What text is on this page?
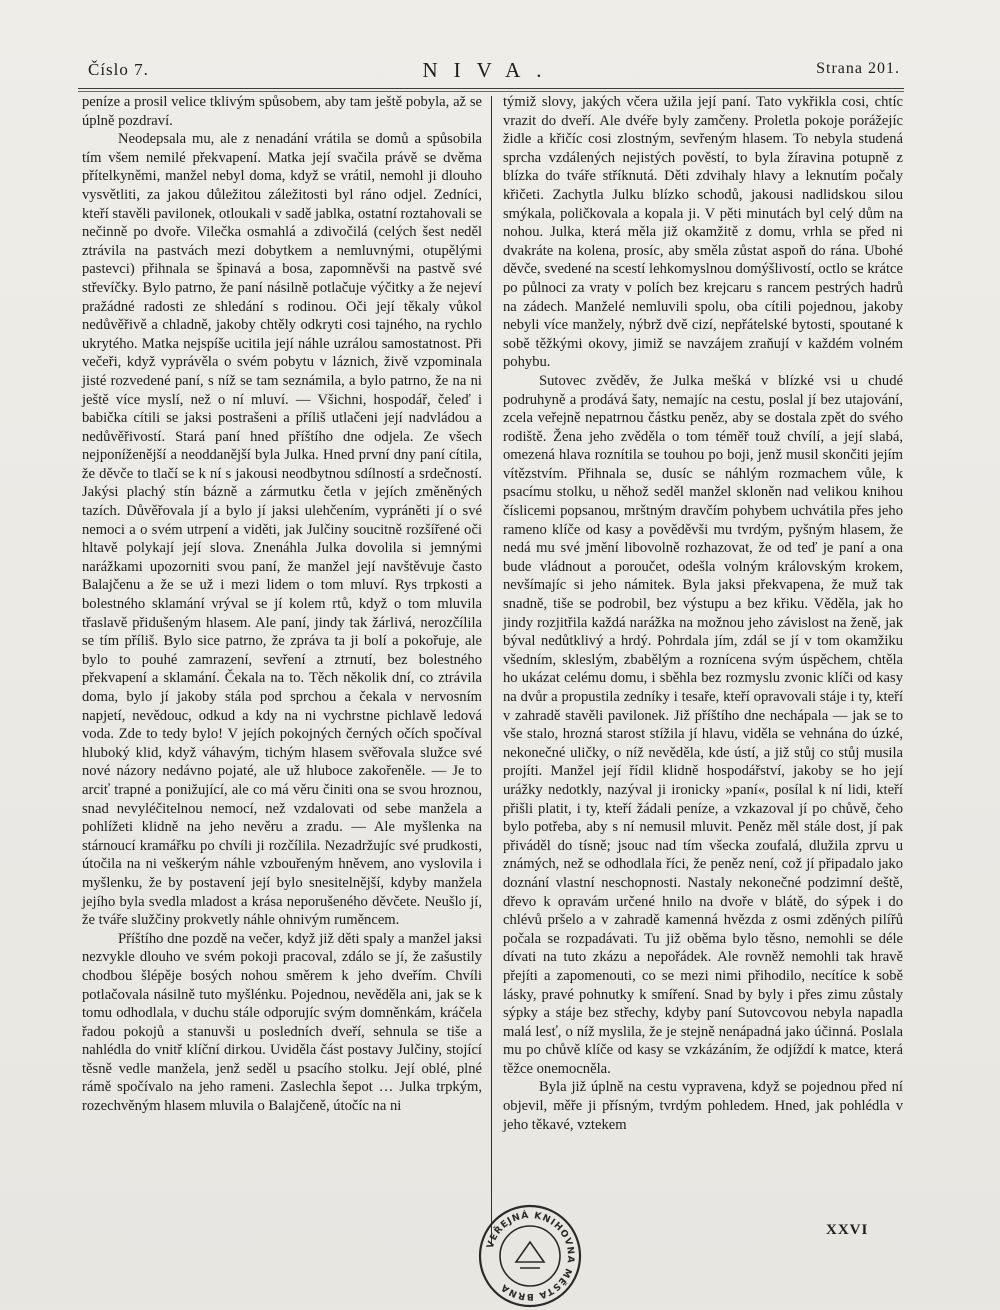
Číslo 7.	NIVA.	Strana 201.

peníze a prosil velice tklivým spůsobem, aby tam ještě pobyla, až se úplně pozdraví.

Neodepsala mu, ale z nenadání vrátila se domů a spůsobila tím všem nemilé překvapení. Matka její svačila právě se dvěma přítelkyněmi, manžel nebyl doma, když se vrátil, nemohl ji dlouho vysvětliti, za jakou důležitou záležitosti byl ráno odjel. Zedníci, kteří stavěli pavilonek, otloukali v sadě jablka, ostatní roztahovali se nečinně po dvoře. Vilečka osmahlá a zdivočilá (celých šest neděl ztrávila na pastvách mezi dobytkem a nemluvnými, otupělými pastevci) přihnala se špinavá a bosa, zapomněvši na pastvě své střevíčky. Bylo patrno, že paní násilně potlačuje výčitky a že nejeví pražádné radosti ze shledání s rodinou. Oči její těkaly vůkol nedůvěřivě a chladně, jakoby chtěly odkryti cosi tajného, na rychlo ukrytého. Matka nejspíše ucitila její náhle uzrálou samostatnost. Při večeři, když vyprávěla o svém pobytu v láznich, živě vzpominala jisté rozvedené paní, s níž se tam seznámila, a bylo patrno, že na ni ještě více myslí, než o ní mluví. — Všichni, hospodář, čeleď i babička cítili se jaksi postrašeni a příliš utlačeni její nadvládou a nedůvěřivostí. Stará paní hned příštího dne odjela. Ze všech nejponíženější a neoddanější byla Julka. Hned první dny paní cítila, že děvče to tlačí se k ní s jakousi neodbytnou sdílností a srdečností. Jakýsi plachý stín bázně a zármutku četla v jejích změněných tazích. Důvěřovala jí a bylo jí jaksi ulehčením, vypráněti jí o své nemoci a o svém utrpení a viděti, jak Julčiny soucitně rozšířené oči hltavě polykají její slova. Znenáhla Julka dovolila si jemnými narážkami upozorniti svou paní, že manžel její navštěvuje často Balajčenu a že se už i mezi lidem o tom mluví. Rys trpkosti a bolestného sklamání vrýval se jí kolem rtů, když o tom mluvila třaslavě přidušeným hlasem. Ale paní, jindy tak žárlivá, nerozčílila se tím příliš. Bylo sice patrno, že zpráva ta ji bolí a pokořuje, ale bylo to pouhé zamrazení, sevření a ztrnutí, bez bolestného překvapení a sklamání. Čekala na to. Těch několik dní, co ztrávila doma, bylo jí jakoby stála pod sprchou a čekala v nervosním napjetí, nevědouc, odkud a kdy na ni vychrstne pichlavě ledová voda. Zde to tedy bylo! V jejích pokojných černých očích spočíval hluboký klid, když váhavým, tichým hlasem svěřovala služce své nové názory nedávno pojaté, ale už hluboce zakořeněle. — Je to arciť trapné a ponižující, ale co má věru činiti ona se svou hroznou, snad nevyléčitelnou nemocí, než vzdalovati od sebe manžela a pohlížeti klidně na jeho nevěru a zradu. — Ale myšlenka na stárnoucí kramářku po chvíli ji rozčílila. Nezadržujíc své prudkosti, útočila na ni veškerým náhle vzbouřeným hněvem, ano vyslovila i myšlenku, že by postavení její bylo snesitelnější, kdyby manžela jejího byla svedla mladost a krása neporušeného děvčete. Neušlo jí, že tváře služčiny prokvetly náhle ohnivým ruměncem.

Příštího dne pozdě na večer, když již děti spaly a manžel jaksi nezvykle dlouho ve svém pokoji pracoval, zdálo se jí, že zašustily chodbou šlépěje bosých nohou směrem k jeho dveřím. Chvíli potlačovala násilně tuto myšlénku. Pojednou, nevěděla ani, jak se k tomu odhodlala, v duchu stále odporujíc svým domněnkám, kráčela řadou pokojů a stanuvši u posledních dveří, sehnula se tiše a nahlédla do vnitř klíční dirkou. Uviděla část postavy Julčiny, stojící těsně vedle manžela, jenž seděl u psacího stolku. Její oblé, plné rámě spočívalo na jeho rameni. Zaslechla šepot … Julka trpkým, rozechvěným hlasem mluvila o Balajčeně, útočíc na ni

týmiž slovy, jakých včera užila její paní. Tato vykřikla cosi, chtíc vrazit do dveří. Ale dvéře byly zamčeny. Proletla pokoje porážejíc židle a křičíc cosi zlostným, sevřeným hlasem. To nebyla studená sprcha vzdálených nejistých pověstí, to byla žíravina potupně z blízka do tváře stříknutá. Děti zdvihaly hlavy a leknutím počaly křičeti. Zachytla Julku blízko schodů, jakousi nadlidskou silou smýkala, poličkovala a kopala ji. V pěti minutách byl celý dům na nohou. Julka, která měla již okamžitě z domu, vrhla se před ni dvakráte na kolena, prosíc, aby směla zůstat aspoň do rána. Ubohé děvče, svedené na scestí lehkomyslnou domýšlivostí, octlo se krátce po půlnoci za vraty v polích bez krejcaru s rancem pestrých hadrů na zádech. Manželé nemluvili spolu, oba cítili pojednou, jakoby nebyli více manžely, nýbrž dvě cizí, nepřátelské bytosti, spoutané k sobě těžkými okovy, jimiž se navzájem zraňují v každém volném pohybu.

Sutovec zvěděv, že Julka mešká v blízké vsi u chudé podruhyně a prodává šaty, nemajíc na cestu, poslal jí bez utajování, zcela veřejně nepatrnou částku peněz, aby se dostala zpět do svého rodiště. Žena jeho zvěděla o tom téměř touž chvílí, a její slabá, omezená hlava roznítila se touhou po boji, jenž musil skončiti jejím vítězstvím. Přihnala se, dusíc se náhlým rozmachem vůle, k psacímu stolku, u něhož seděl manžel skloněn nad velikou knihou číslicemi popsanou, mrštným dravčím pohybem uchvátila přes jeho rameno klíče od kasy a pověděvši mu tvrdým, pyšným hlasem, že nedá mu své jmění libovolně rozhazovat, že od teď je paní a ona bude vládnout a poroučet, odešla volným královským krokem, nevšímajíc si jeho námitek. Byla jaksi překvapena, že muž tak snadně, tiše se podrobil, bez výstupu a bez křiku. Věděla, jak ho jindy rozjitřila každá narážka na možnou jeho závislost na ženě, jak býval nedůtklivý a hrdý. Pohrdala jím, zdál se jí v tom okamžiku všedním, skleslým, zbabělým a roznícena svým úspěchem, chtěla ho ukázat celému domu, i sběhla bez rozmyslu zvonic klíči od kasy na dvůr a propustila zedníky i tesaře, kteří opravovali stáje i ty, kteří v zahradě stavěli pavilonek. Již příštího dne nechápala — jak se to vše stalo, hrozná starost stížila jí hlavu, viděla se vehnána do úzké, nekonečné uličky, o níž nevěděla, kde ústí, a již stůj co stůj musila projíti. Manžel její řídil klidně hospodářství, jakoby se ho její urážky nedotkly, nazýval ji ironicky »paní«, posílal k ní lidi, kteří přišli platit, i ty, kteří žádali peníze, a vzkazoval jí po chůvě, čeho bylo potřeba, aby s ní nemusil mluvit. Peněz měl stále dost, jí pak přiváděl do tísně; jsouc nad tím všecka zoufalá, dlužila zprvu u známých, než se odhodlala říci, že peněz není, což jí připadalo jako doznání vlastní neschopnosti. Nastaly nekonečné podzimní deště, dřevo k opravám určené hnilo na dvoře v blátě, do sýpek i do chlévů pršelo a v zahradě kamenná hvězda z osmi zděných pilířů počala se rozpadávati. Tu již oběma bylo těsno, nemohli se déle dívati na tuto zkázu a nepořádek. Ale rovněž nemohli tak hravě přejíti a zapomenouti, co se mezi nimi přihodilo, necítíce k sobě lásky, pravé pohnutky k smíření. Snad by byly i přes zimu zůstaly sýpky a stáje bez střechy, kdyby paní Sutovcovou nebyla napadla malá lesť, o níž myslila, že je stejně nenápadná jako účinná. Poslala mu po chůvě klíče od kasy se vzkázáním, že odjíždí k matce, která těžce onemocněla.

Byla již úplně na cestu vypravena, když se pojednou před ní objevil, měře ji přísným, tvrdým pohledem. Hned, jak pohlédla v jeho těkavé, vztekem

XXVI
VEŘEJNÁ KNIHOVNA MĚSTA BRNA
